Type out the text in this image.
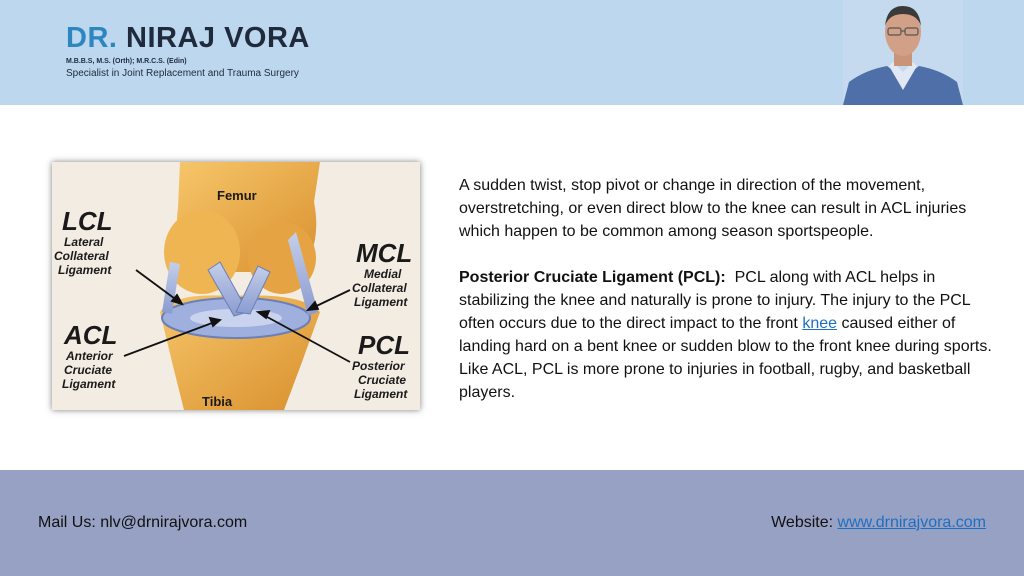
DR. NIRAJ VORA
M.B.B.S, M.S. (Orth); M.R.C.S. (Edin)
Specialist in Joint Replacement and Trauma Surgery
Femur
Tibia
LCL
Lateral
Collateral
Ligament
ACL
Anterior
Cruciate
Ligament
MCL
Medial
Collateral
Ligament
PCL
Posterior
Cruciate
Ligament

A sudden twist, stop pivot or change in direction of the movement, overstretching, or even direct blow to the knee can result in ACL injuries which happen to be common among season sportspeople.

Posterior Cruciate Ligament (PCL): PCL along with ACL helps in stabilizing the knee and naturally is prone to injury. The injury to the PCL often occurs due to the direct impact to the front knee caused either of landing hard on a bent knee or sudden blow to the front knee during sports. Like ACL, PCL is more prone to injuries in football, rugby, and basketball players.

Mail Us: nlv@drnirajvora.com	Website: www.drnirajvora.com
